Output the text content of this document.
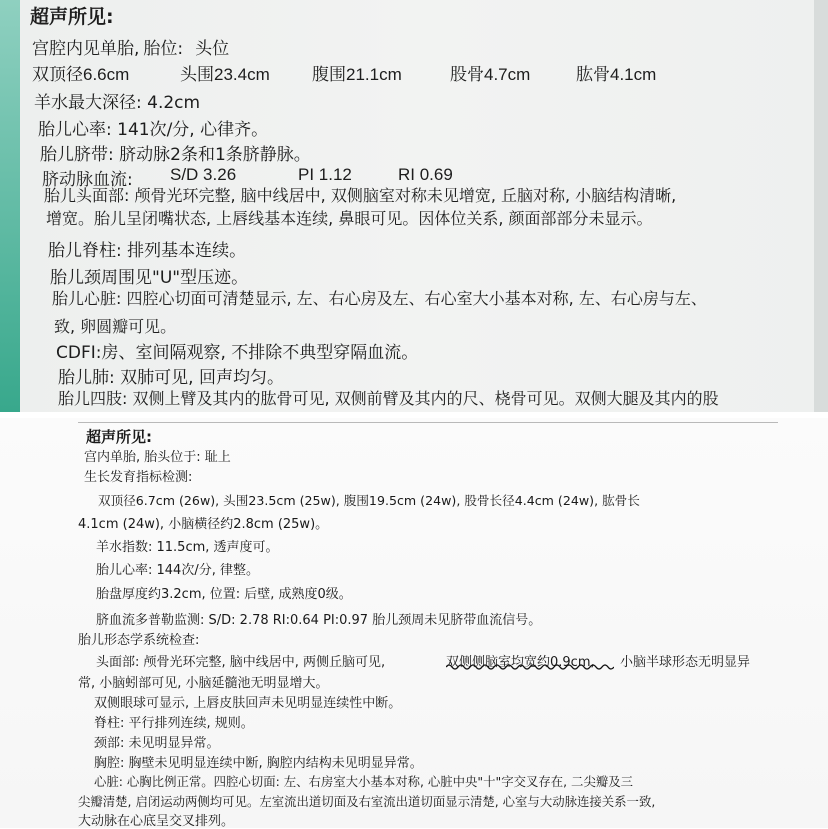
超声所见:
宫腔内见单胎, 胎位: 头位
双顶径6.6cm	头围23.4cm 腹围21.1cm	股骨4.7cm	肱骨4.1cm
羊水最大深径: 4.2cm
胎儿心率: 141次/分, 心律齐。
胎儿脐带: 脐动脉2条和1条脐静脉。
脐动脉血流: S/D 3.26	PI 1.12	RI 0.69
胎儿头面部: 颅骨光环完整, 脑中线居中, 双侧脑室对称未见增宽, 丘脑对称, 小脑结构清晰,
增宽。胎儿呈闭嘴状态, 上唇线基本连续, 鼻眼可见。因体位关系, 颜面部部分未显示。
胎儿脊柱: 排列基本连续。
胎儿颈周围见"U"型压迹。
胎儿心脏: 四腔心切面可清楚显示, 左、右心房及左、右心室大小基本对称, 左、右心房与左、
致, 卵圆瓣可见。
CDFI:房、室间隔观察, 不排除不典型穿隔血流。
胎儿肺: 双肺可见, 回声均匀。
胎儿四肢: 双侧上臂及其内的肱骨可见, 双侧前臂及其内的尺、桡骨可见。双侧大腿及其内的股
超声所见:
宫内单胎, 胎头位于: 耻上
生长发育指标检测:
双顶径6.7cm (26w), 头围23.5cm (25w), 腹围19.5cm (24w), 股骨长径4.4cm (24w), 肱骨长
4.1cm (24w), 小脑横径约2.8cm (25w)。
羊水指数: 11.5cm, 透声度可。
胎儿心率: 144次/分, 律整。
胎盘厚度约3.2cm, 位置: 后壁, 成熟度0级。
脐血流多普勒监测: S/D: 2.78 RI:0.64 PI:0.97 胎儿颈周未见脐带血流信号。
胎儿形态学系统检查:
头面部: 颅骨光环完整, 脑中线居中, 两侧丘脑可见,	双侧侧脑室均宽约0.9cm, 小脑半球形态无明显异
常, 小脑蚓部可见, 小脑延髓池无明显增大。
双侧眼球可显示, 上唇皮肤回声未见明显连续性中断。
脊柱: 平行排列连续, 规则。
颈部: 未见明显异常。
胸腔: 胸壁未见明显连续中断, 胸腔内结构未见明显异常。
心脏: 心胸比例正常。四腔心切面: 左、右房室大小基本对称, 心脏中央"十"字交叉存在, 二尖瓣及三
尖瓣清楚, 启闭运动两侧均可见。左室流出道切面及右室流出道切面显示清楚, 心室与大动脉连接关系一致,
大动脉在心底呈交叉排列。
